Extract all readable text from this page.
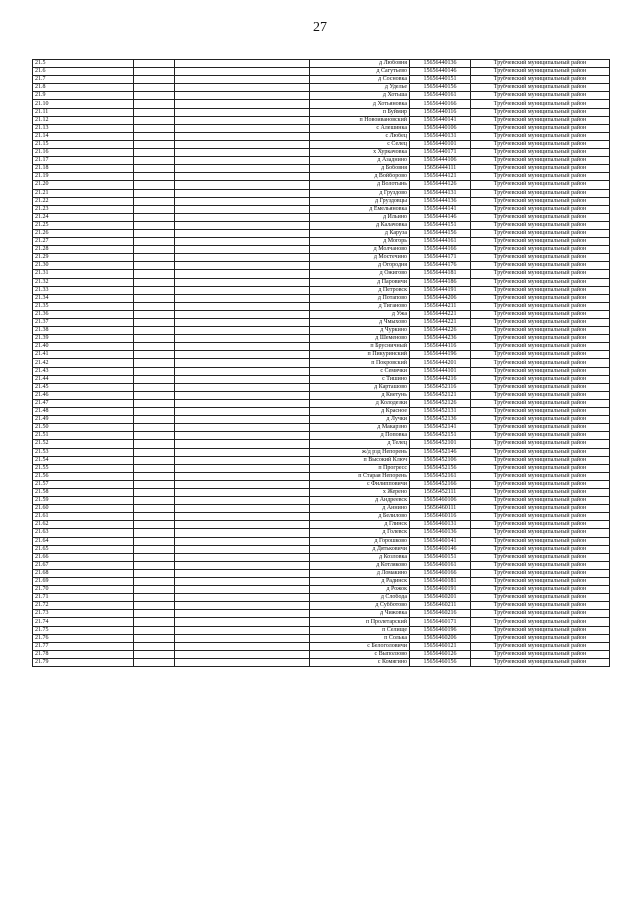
27
21.5			д Любовня	15656440136	Трубчевский муниципальный район
21.6			д Сагутьево	15656440146	Трубчевский муниципальный район
21.7			д Сосновка	15656440151	Трубчевский муниципальный район
21.8			д Уделье	15656440156	Трубчевский муниципальный район
21.9			д Хотьша	15656440161	Трубчевский муниципальный район
21.10			д Хотьяновка	15656440166	Трубчевский муниципальный район
21.11			п Буймир	15656440116	Трубчевский муниципальный район
21.12			п Новоивановский	15656440141	Трубчевский муниципальный район
21.13			с Алешинка	15656440106	Трубчевский муниципальный район
21.14			с Любец	15656440131	Трубчевский муниципальный район
21.15			с Селец	15656440101	Трубчевский муниципальный район
21.16			х Хуркачовка	15656440171	Трубчевский муниципальный район
21.17			д Азаднино	15656444106	Трубчевский муниципальный район
21.18			д Бобовня	15656444111	Трубчевский муниципальный район
21.19			д Войборово	15656444121	Трубчевский муниципальный район
21.20			д Волотынь	15656444126	Трубчевский муниципальный район
21.21			д Груздово	15656444131	Трубчевский муниципальный район
21.22			д Груздовцы	15656444136	Трубчевский муниципальный район
21.23			д Емельяновка	15656444141	Трубчевский муниципальный район
21.24			д Ильино	15656444146	Трубчевский муниципальный район
21.25			д Калачовка	15656444151	Трубчевский муниципальный район
21.26			д Каруза	15656444156	Трубчевский муниципальный район
21.27			д Могорь	15656444161	Трубчевский муниципальный район
21.28			д Молчаново	15656444166	Трубчевский муниципальный район
21.29			д Мостечино	15656444171	Трубчевский муниципальный район
21.30			д Огородня	15656444176	Трубчевский муниципальный район
21.31			д Ожигово	15656444181	Трубчевский муниципальный район
21.32			д Паровичи	15656444186	Трубчевский муниципальный район
21.33			д Петровск	15656444191	Трубчевский муниципальный район
21.34			д Потапово	15656444206	Трубчевский муниципальный район
21.35			д Тиганово	15656444211	Трубчевский муниципальный район
21.36			д Ужа	15656444221	Трубчевский муниципальный район
21.37			д Чмыхово	15656444221	Трубчевский муниципальный район
21.38			д Чуркино	15656444226	Трубчевский муниципальный район
21.39			д Шеменово	15656444236	Трубчевский муниципальный район
21.40			п Брусничный	15656444116	Трубчевский муниципальный район
21.41			п Пикуринский	15656444196	Трубчевский муниципальный район
21.42			п Покровский	15656444201	Трубчевский муниципальный район
21.43			с Семячки	15656444101	Трубчевский муниципальный район
21.44			с Тишино	15656444216	Трубчевский муниципальный район
21.45			д Карташово	15656452116	Трубчевский муниципальный район
21.46			д Кветунь	15656452121	Трубчевский муниципальный район
21.47			д Колодезки	15656452126	Трубчевский муниципальный район
21.48			д Красное	15656452131	Трубчевский муниципальный район
21.49			д Лучки	15656452136	Трубчевский муниципальный район
21.50			д Макарзно	15656452141	Трубчевский муниципальный район
21.51			д Поповка	15656452151	Трубчевский муниципальный район
21.52			д Телец	15656452101	Трубчевский муниципальный район
21.53			ж/д рзд Непорень	15656452146	Трубчевский муниципальный район
21.54			п Высокий Ключ	15656452106	Трубчевский муниципальный район
21.55			п Прогресс	15656452156	Трубчевский муниципальный район
21.56			п Старая Непорень	15656452161	Трубчевский муниципальный район
21.57			с Филипповичи	15656452166	Трубчевский муниципальный район
21.58			х Жерено	15656452111	Трубчевский муниципальный район
21.59			д Андреевск	15656460106	Трубчевский муниципальный район
21.60			д Аннино	15656460111	Трубчевский муниципальный район
21.61			д Белилово	15656460116	Трубчевский муниципальный район
21.62			д Глинск	15656460131	Трубчевский муниципальный район
21.63			д Голевск	15656460136	Трубчевский муниципальный район
21.64			д Горошково	15656460141	Трубчевский муниципальный район
21.65			д Дятьковичи	15656460146	Трубчевский муниципальный район
21.66			д Козловка	15656460151	Трубчевский муниципальный район
21.67			д Котляково	15656460161	Трубчевский муниципальный район
21.68			д Ломакино	15656460166	Трубчевский муниципальный район
21.69			д Радинск	15656460181	Трубчевский муниципальный район
21.70			д Рожок	15656460191	Трубчевский муниципальный район
21.71			д Слобода	15656460201	Трубчевский муниципальный район
21.72			д Субботово	15656460211	Трубчевский муниципальный район
21.73			д Чижовка	15656460216	Трубчевский муниципальный район
21.74			п Пролетарский	15656460171	Трубчевский муниципальный район
21.75			п Селище	15656460196	Трубчевский муниципальный район
21.76			п Солька	15656460206	Трубчевский муниципальный район
21.77			с Белоголовичи	15656460121	Трубчевский муниципальный район
21.78			с Выползово	15656460126	Трубчевский муниципальный район
21.79			с Комягино	15656460156	Трубчевский муниципальный район
